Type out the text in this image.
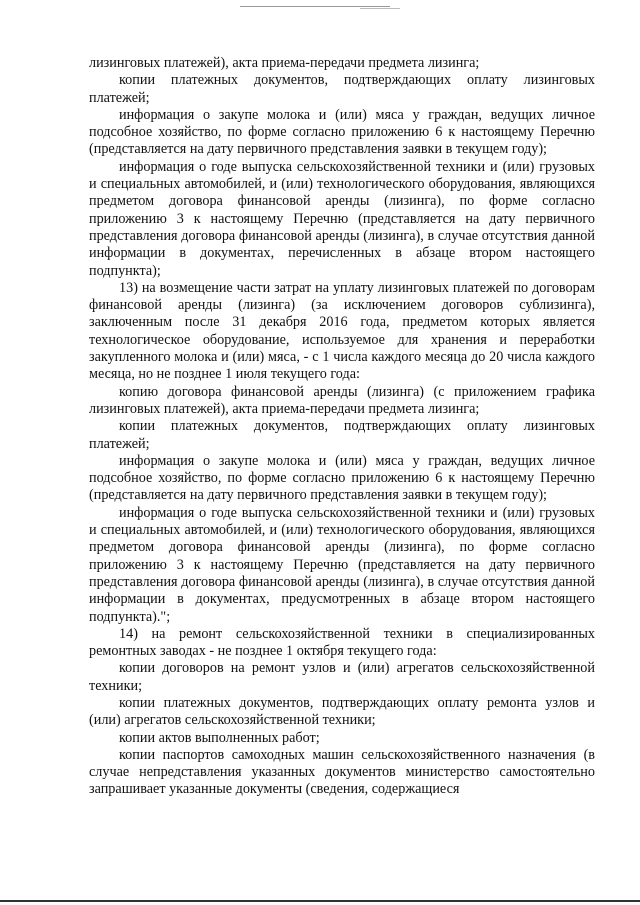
лизинговых платежей), акта приема-передачи предмета лизинга;

копии платежных документов, подтверждающих оплату лизинговых платежей;

информация о закупе молока и (или) мяса у граждан, ведущих личное подсобное хозяйство, по форме согласно приложению 6 к настоящему Перечню (представляется на дату первичного представления заявки в текущем году);

информация о годе выпуска сельскохозяйственной техники и (или) грузовых и специальных автомобилей, и (или) технологического оборудования, являющихся предметом договора финансовой аренды (лизинга), по форме согласно приложению 3 к настоящему Перечню (представляется на дату первичного представления договора финансовой аренды (лизинга), в случае отсутствия данной информации в документах, перечисленных в абзаце втором настоящего подпункта);

13) на возмещение части затрат на уплату лизинговых платежей по договорам финансовой аренды (лизинга) (за исключением договоров сублизинга), заключенным после 31 декабря 2016 года, предметом которых является технологическое оборудование, используемое для хранения и переработки закупленного молока и (или) мяса, - с 1 числа каждого месяца до 20 числа каждого месяца, но не позднее 1 июля текущего года:

копию договора финансовой аренды (лизинга) (с приложением графика лизинговых платежей), акта приема-передачи предмета лизинга;

копии платежных документов, подтверждающих оплату лизинговых платежей;

информация о закупе молока и (или) мяса у граждан, ведущих личное подсобное хозяйство, по форме согласно приложению 6 к настоящему Перечню (представляется на дату первичного представления заявки в текущем году);

информация о годе выпуска сельскохозяйственной техники и (или) грузовых и специальных автомобилей, и (или) технологического оборудования, являющихся предметом договора финансовой аренды (лизинга), по форме согласно приложению 3 к настоящему Перечню (представляется на дату первичного представления договора финансовой аренды (лизинга), в случае отсутствия данной информации в документах, предусмотренных в абзаце втором настоящего подпункта).";

14) на ремонт сельскохозяйственной техники в специализированных ремонтных заводах - не позднее 1 октября текущего года:

копии договоров на ремонт узлов и (или) агрегатов сельскохозяйственной техники;

копии платежных документов, подтверждающих оплату ремонта узлов и (или) агрегатов сельскохозяйственной техники;

копии актов выполненных работ;

копии паспортов самоходных машин сельскохозяйственного назначения (в случае непредставления указанных документов министерство самостоятельно запрашивает указанные документы (сведения, содержащиеся
